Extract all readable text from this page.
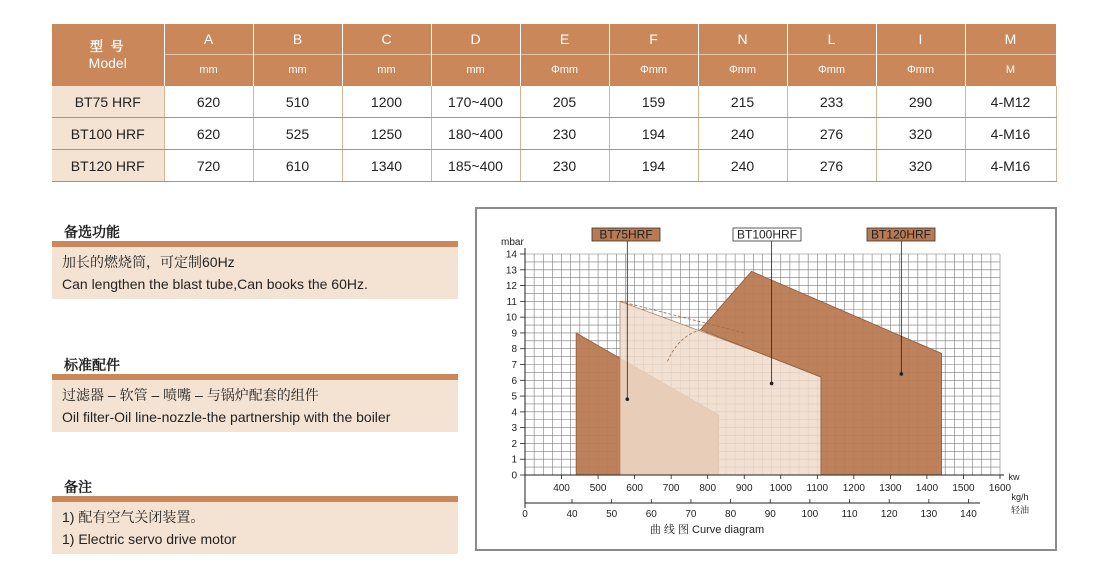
型 号
Model	A	B	C	D	E	F	N	L	I	M
	mm	mm	mm	mm	Φmm	Φmm	Φmm	Φmm	Φmm	M
BT75 HRF	620	510	1200	170~400	205	159	215	233	290	4-M12
BT100 HRF	620	525	1250	180~400	230	194	240	276	320	4-M16
BT120 HRF	720	610	1340	185~400	230	194	240	276	320	4-M16
备选功能
加长的燃烧筒，可定制60Hz
Can lengthen the blast tube,Can books the 60Hz.
标准配件
过滤器 – 软管 – 喷嘴 – 与锅炉配套的组件
Oil filter-Oil line-nozzle-the partnership with the boiler
备注
1) 配有空气关闭装置。
1) Electric servo drive motor
BT75HRF	BT100HRF	BT120HRF
mbar
0
1
2
3
4
5
6
7
8
9
10
11
12
13
14
400 500 600 700 800 900 1000 1100 1200 1300 1400 1500 1600
kw
0	40	50	60	70	80	90	100 110 120 130 140
kg/h
轻油
曲 线 图 Curve diagram
